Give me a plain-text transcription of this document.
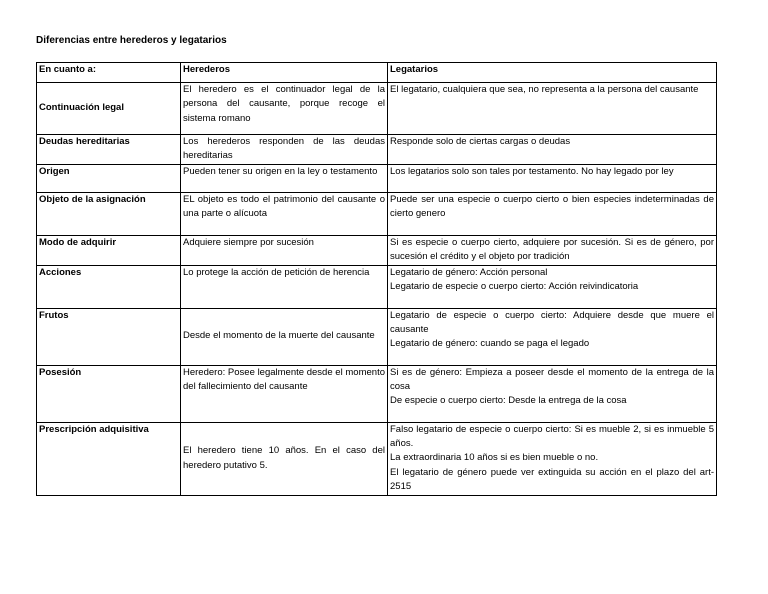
Diferencias entre herederos y legatarios
En cuanto a:	Herederos	Legatarios
Continuación legal	El heredero es el continuador legal de la persona del causante, porque recoge el sistema romano	El legatario, cualquiera que sea, no representa a la persona del causante
Deudas hereditarias	Los herederos responden de las deudas hereditarias	Responde solo de ciertas cargas o deudas
Origen	Pueden tener su origen en la ley o testamento	Los legatarios solo son tales por testamento. No hay legado por ley
Objeto de la asignación	EL objeto es todo el patrimonio del causante o una parte o alícuota	Puede ser una especie o cuerpo cierto o bien especies indeterminadas de cierto genero
Modo de adquirir	Adquiere siempre por sucesión	Si es especie o cuerpo cierto, adquiere por sucesión. Si es de género, por sucesión el crédito y el objeto por tradición
Acciones	Lo protege la acción de petición de herencia	Legatario de género: Acción personal
Legatario de especie o cuerpo cierto: Acción reivindicatoria

Frutos	Desde el momento de la muerte del causante	Legatario de especie o cuerpo cierto: Adquiere desde que muere el causante
Legatario de género: cuando se paga el legado

Posesión	Heredero: Posee legalmente desde el momento del fallecimiento del causante	Si es de género: Empieza a poseer desde el momento de la entrega de la cosa
De especie o cuerpo cierto: Desde la entrega de la cosa

Prescripción adquisitiva	El heredero tiene 10 años. En el caso del heredero putativo 5.	Falso legatario de especie o cuerpo cierto: Si es mueble 2, si es inmueble 5 años.
La extraordinaria 10 años si es bien mueble o no.
El legatario de género puede ver extinguida su acción en el plazo del art- 2515
